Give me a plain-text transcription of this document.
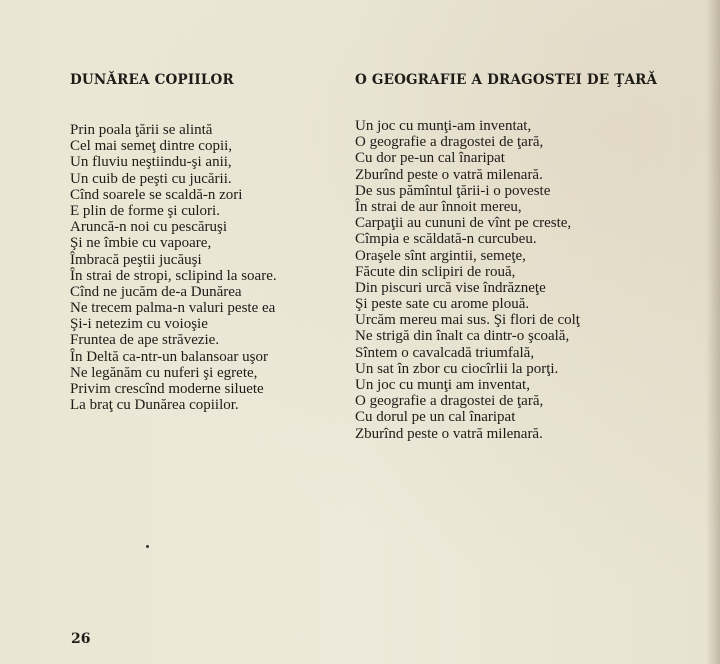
DUNĂREA COPIILOR
Prin poala ţării se alintă
Cel mai semeţ dintre copii,
Un fluviu neştiindu-şi anii,
Un cuib de peşti cu jucării.
Cînd soarele se scaldă-n zori
E plin de forme şi culori.
Aruncă-n noi cu pescăruşi
Şi ne îmbie cu vapoare,
Îmbracă peştii jucăuşi
În strai de stropi, sclipind la soare.
Cînd ne jucăm de-a Dunărea
Ne trecem palma-n valuri peste ea
Şi-i netezim cu voioşie
Fruntea de ape străvezie.
În Deltă ca-ntr-un balansoar uşor
Ne legănăm cu nuferi şi egrete,
Privim crescînd moderne siluete
La braţ cu Dunărea copiilor.
O GEOGRAFIE A DRAGOSTEI DE ŢARĂ
Un joc cu munţi-am inventat,
O geografie a dragostei de ţară,
Cu dor pe-un cal înaripat
Zburînd peste o vatră milenară.
De sus pămîntul ţării-i o poveste
În strai de aur înnoit mereu,
Carpaţii au cununi de vînt pe creste,
Cîmpia e scăldată-n curcubeu.
Oraşele sînt argintii, semeţe,
Făcute din sclipiri de rouă,
Din piscuri urcă vise îndrăzneţe
Şi peste sate cu arome plouă.
Urcăm mereu mai sus. Şi flori de colţ
Ne strigă din înalt ca dintr-o şcoală,
Sîntem o cavalcadă triumfală,
Un sat în zbor cu ciocîrlii la porţi.
Un joc cu munţi am inventat,
O geografie a dragostei de ţară,
Cu dorul pe un cal înaripat
Zburînd peste o vatră milenară.
26
